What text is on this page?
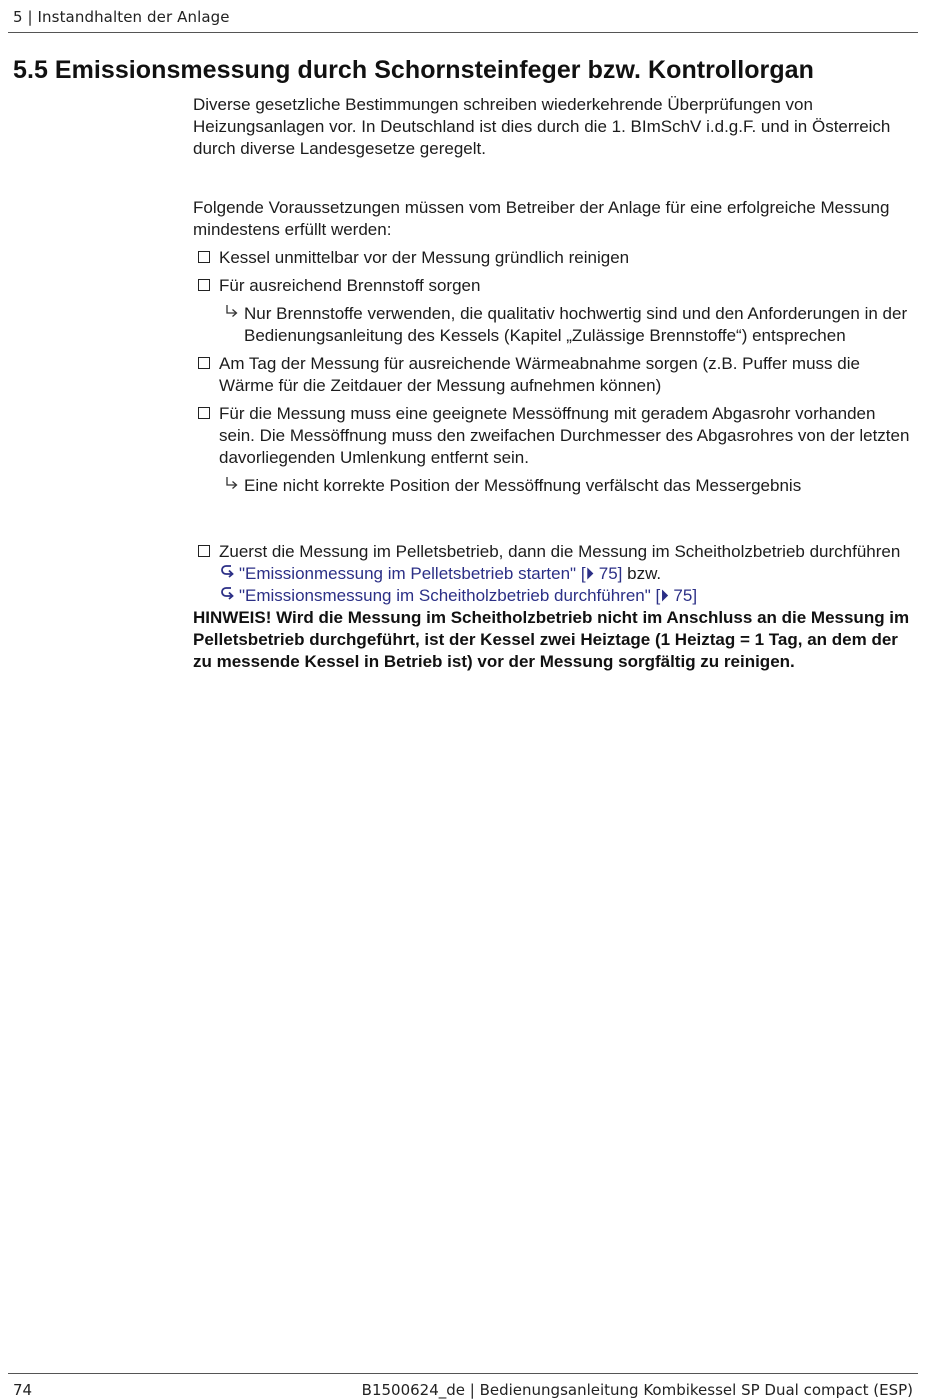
5 | Instandhalten der Anlage
5.5 Emissionsmessung durch Schornsteinfeger bzw. Kontrollorgan

Diverse gesetzliche Bestimmungen schreiben wiederkehrende Überprüfungen von Heizungsanlagen vor. In Deutschland ist dies durch die 1. BImSchV i.d.g.F. und in Österreich durch diverse Landesgesetze geregelt.

Folgende Voraussetzungen müssen vom Betreiber der Anlage für eine erfolgreiche Messung mindestens erfüllt werden:

Kessel unmittelbar vor der Messung gründlich reinigen
Für ausreichend Brennstoff sorgen
Nur Brennstoffe verwenden, die qualitativ hochwertig sind und den Anforderungen in der Bedienungsanleitung des Kessels (Kapitel „Zulässige Brennstoffe“) entsprechen
Am Tag der Messung für ausreichende Wärmeabnahme sorgen (z.B. Puffer muss die Wärme für die Zeitdauer der Messung aufnehmen können)
Für die Messung muss eine geeignete Messöffnung mit geradem Abgasrohr vorhanden sein. Die Messöffnung muss den zweifachen Durchmesser des Abgasrohres von der letzten davorliegenden Umlenkung entfernt sein.
Eine nicht korrekte Position der Messöffnung verfälscht das Messergebnis
Zuerst die Messung im Pelletsbetrieb, dann die Messung im Scheitholzbetrieb durchführen
"Emissionmessung im Pelletsbetrieb starten" [⏵ 75] bzw.
"Emissionsmessung im Scheitholzbetrieb durchführen" [⏵ 75]

HINWEIS! Wird die Messung im Scheitholzbetrieb nicht im Anschluss an die Messung im Pelletsbetrieb durchgeführt, ist der Kessel zwei Heiztage (1 Heiztag = 1 Tag, an dem der zu messende Kessel in Betrieb ist) vor der Messung sorgfältig zu reinigen.

74	B1500624_de | Bedienungsanleitung Kombikessel SP Dual compact (ESP)
